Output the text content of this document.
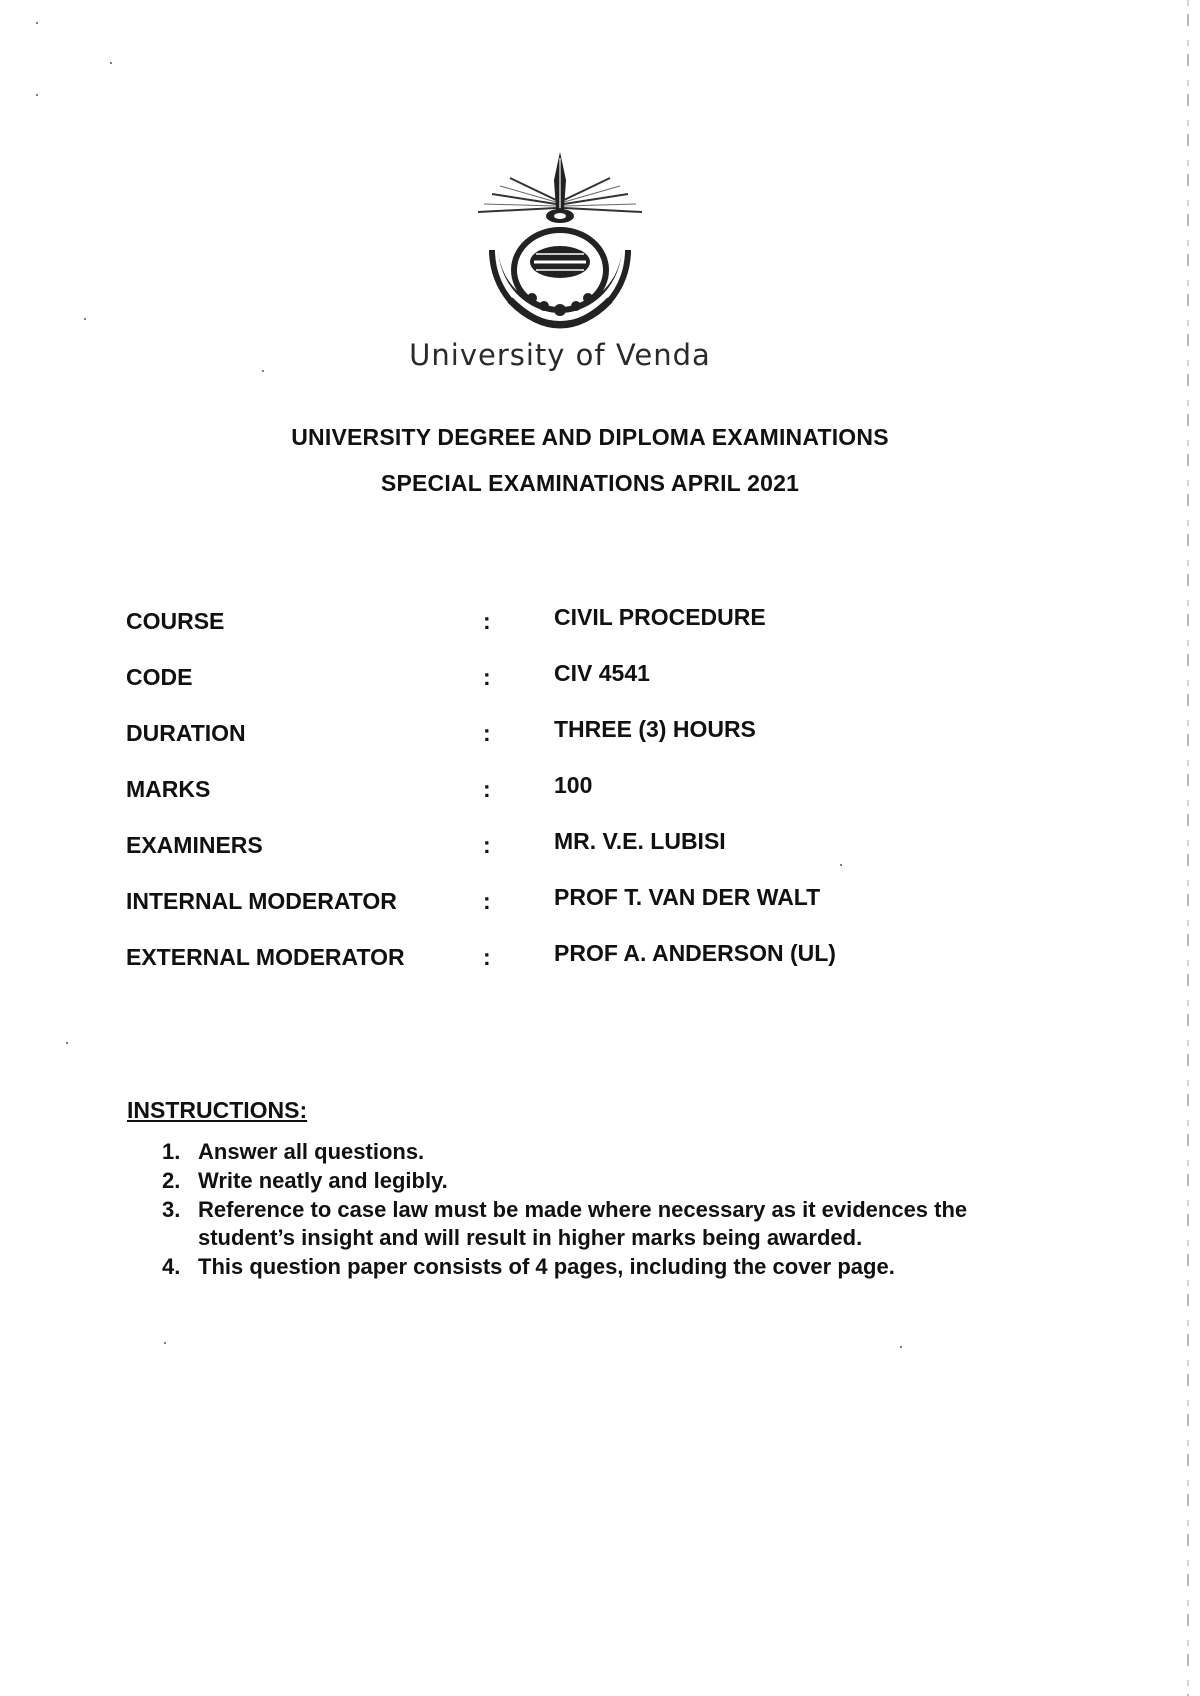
University of Venda
UNIVERSITY DEGREE AND DIPLOMA EXAMINATIONS
SPECIAL EXAMINATIONS APRIL 2021
COURSE	:	CIVIL PROCEDURE
CODE	:	CIV 4541
DURATION	:	THREE (3) HOURS
MARKS	:	100
EXAMINERS	:	MR. V.E. LUBISI
INTERNAL MODERATOR	:	PROF T. VAN DER WALT
EXTERNAL MODERATOR	:	PROF A. ANDERSON (UL)
INSTRUCTIONS:
1. Answer all questions.
2. Write neatly and legibly.
3. Reference to case law must be made where necessary as it evidences the student’s insight and will result in higher marks being awarded.
4. This question paper consists of 4 pages, including the cover page.
